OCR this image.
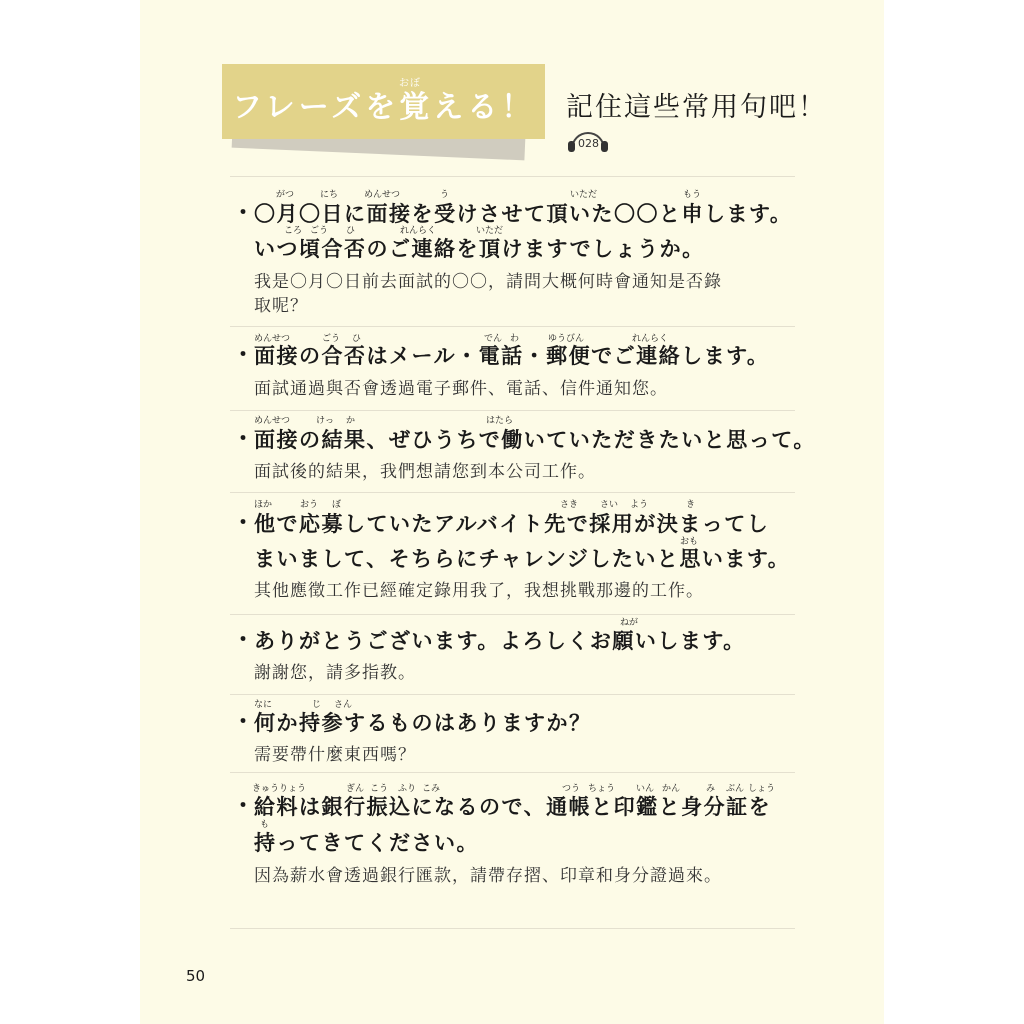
おぼ
フレーズを覚える！ 記住這些常用句吧！
028
がつ	にち	めんせつ	う	いただ	もう
・ 〇月〇日に面接を受けさせて頂いた〇〇と申します。
ころ ごう ひ	れんらく	いただ
いつ頃合否のご連絡を頂けますでしょうか。
我是〇月〇日前去面試的〇〇，請問大概何時會通知是否錄
取呢？
めんせつ	ごう ひ	でん わ	ゆうびん	れんらく
・ 面接の合否はメール・電話・郵便でご連絡します。
面試通過與否會透過電子郵件、電話、信件通知您。
めんせつ	けっ か	はたら
・ 面接の結果、ぜひうちで働いていただきたいと思って。
面試後的結果，我們想請您到本公司工作。
ほか	おう ぼ	さき さい よう	き
・ 他で応募していたアルバイト先で採用が決まってし
おも
まいまして、そちらにチャレンジしたいと思います。
其他應徵工作已經確定錄用我了，我想挑戰那邊的工作。
ねが
・ ありがとうございます。よろしくお願いします。
謝謝您，請多指教。
なに	じ さん
・ 何か持参するものはありますか？
需要帶什麼東西嗎？
きゅうりょう	ぎん こう ふり こみ	つう ちょう いん かん	み ぶん しょう
・ 給料は銀行振込になるので、通帳と印鑑と身分証を
も
持ってきてください。
因為薪水會透過銀行匯款，請帶存摺、印章和身分證過來。
50
